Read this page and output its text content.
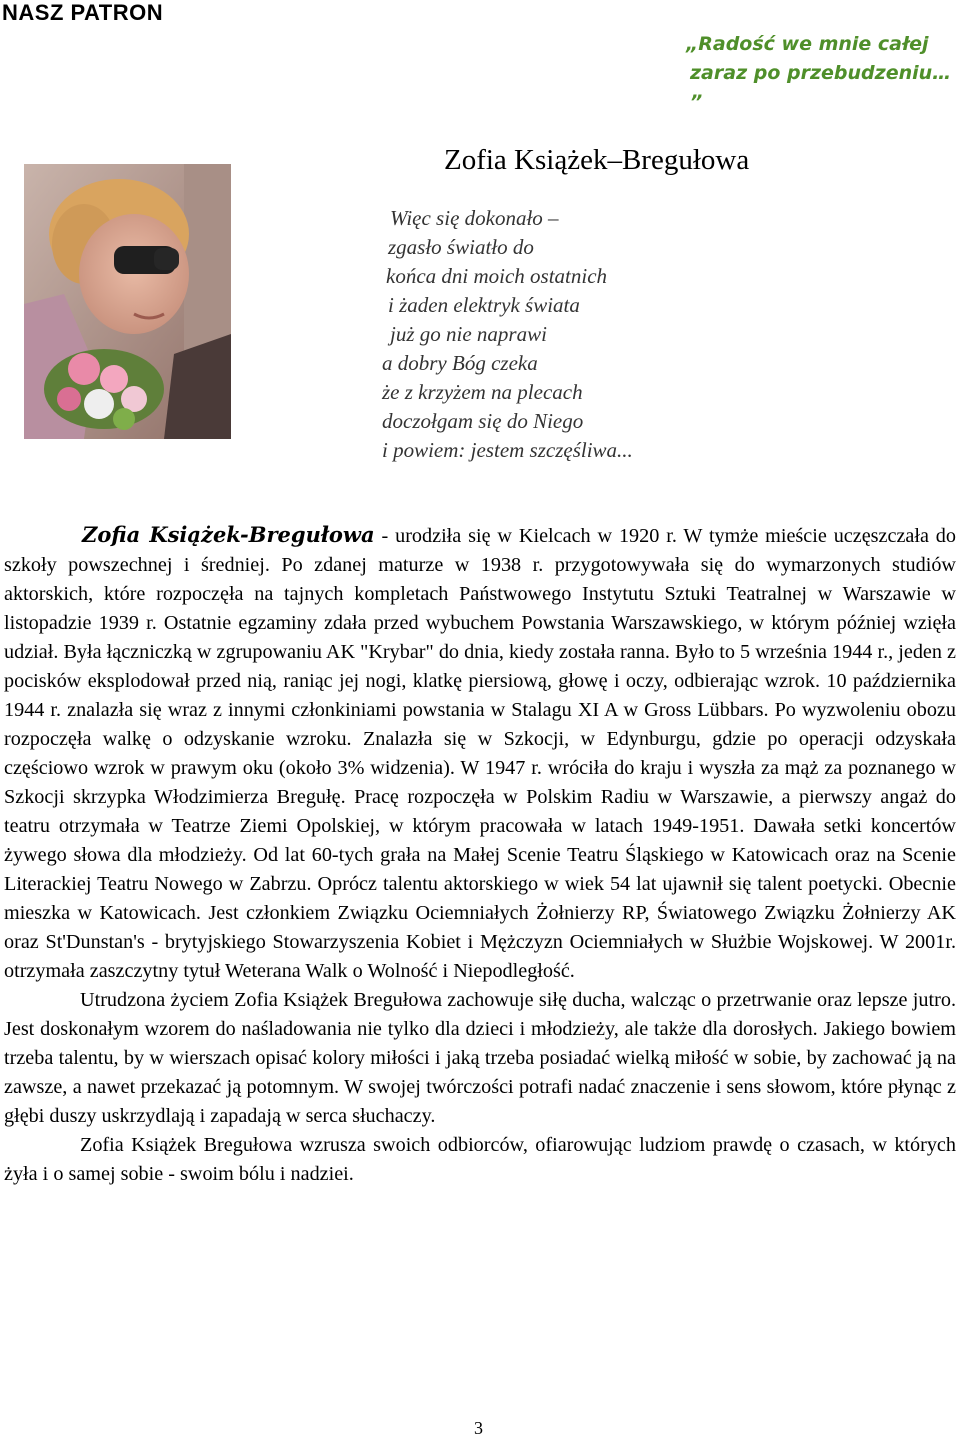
NASZ PATRON
„Radość we mnie całej
zaraz po przebudzeniu… ”
Zofia Książek–Bregułowa
Więc się dokonało –
zgasło światło do
końca dni moich ostatnich
i żaden elektryk świata
już go nie naprawi
a dobry Bóg czeka
że z krzyżem na plecach
doczołgam się do Niego
i powiem: jestem szczęśliwa...

Zofia Książek-Bregułowa - urodziła się w Kielcach w 1920 r. W tymże mieście uczęszczała do szkoły powszechnej i średniej. Po zdanej maturze w 1938 r. przygotowywała się do wymarzonych studiów aktorskich, które rozpoczęła na tajnych kompletach Państwowego Instytutu Sztuki Teatralnej w Warszawie w listopadzie 1939 r. Ostatnie egzaminy zdała przed wybuchem Powstania Warszawskiego, w którym później wzięła udział. Była łączniczką w zgrupowaniu AK "Krybar" do dnia, kiedy została ranna. Było to 5 września 1944 r., jeden z pocisków eksplodował przed nią, raniąc jej nogi, klatkę piersiową, głowę i oczy, odbierając wzrok. 10 października 1944 r. znalazła się wraz z innymi członkiniami powstania w Stalagu XI A w Gross Lübbars. Po wyzwoleniu obozu rozpoczęła walkę o odzyskanie wzroku. Znalazła się w Szkocji, w Edynburgu, gdzie po operacji odzyskała częściowo wzrok w prawym oku (około 3% widzenia). W 1947 r. wróciła do kraju i wyszła za mąż za poznanego w Szkocji skrzypka Włodzimierza Bregułę. Pracę rozpoczęła w Polskim Radiu w Warszawie, a pierwszy angaż do teatru otrzymała w Teatrze Ziemi Opolskiej, w którym pracowała w latach 1949-1951. Dawała setki koncertów żywego słowa dla młodzieży. Od lat 60-tych grała na Małej Scenie Teatru Śląskiego w Katowicach oraz na Scenie Literackiej Teatru Nowego w Zabrzu. Oprócz talentu aktorskiego w wiek 54 lat ujawnił się talent poetycki. Obecnie mieszka w Katowicach. Jest członkiem Związku Ociemniałych Żołnierzy RP, Światowego Związku Żołnierzy AK oraz St'Dunstan's - brytyjskiego Stowarzyszenia Kobiet i Mężczyzn Ociemniałych w Służbie Wojskowej. W 2001r. otrzymała zaszczytny tytuł Weterana Walk o Wolność i Niepodległość.

Utrudzona życiem Zofia Książek Bregułowa zachowuje siłę ducha, walcząc o przetrwanie oraz lepsze jutro. Jest doskonałym wzorem do naśladowania nie tylko dla dzieci i młodzieży, ale także dla dorosłych. Jakiego bowiem trzeba talentu, by w wierszach opisać kolory miłości i jaką trzeba posiadać wielką miłość w sobie, by zachować ją na zawsze, a nawet przekazać ją potomnym. W swojej twórczości potrafi nadać znaczenie i sens słowom, które płynąc z głębi duszy uskrzydlają i zapadają w serca słuchaczy.

Zofia Książek Bregułowa wzrusza swoich odbiorców, ofiarowując ludziom prawdę o czasach, w których żyła i o samej sobie - swoim bólu i nadziei.

3
